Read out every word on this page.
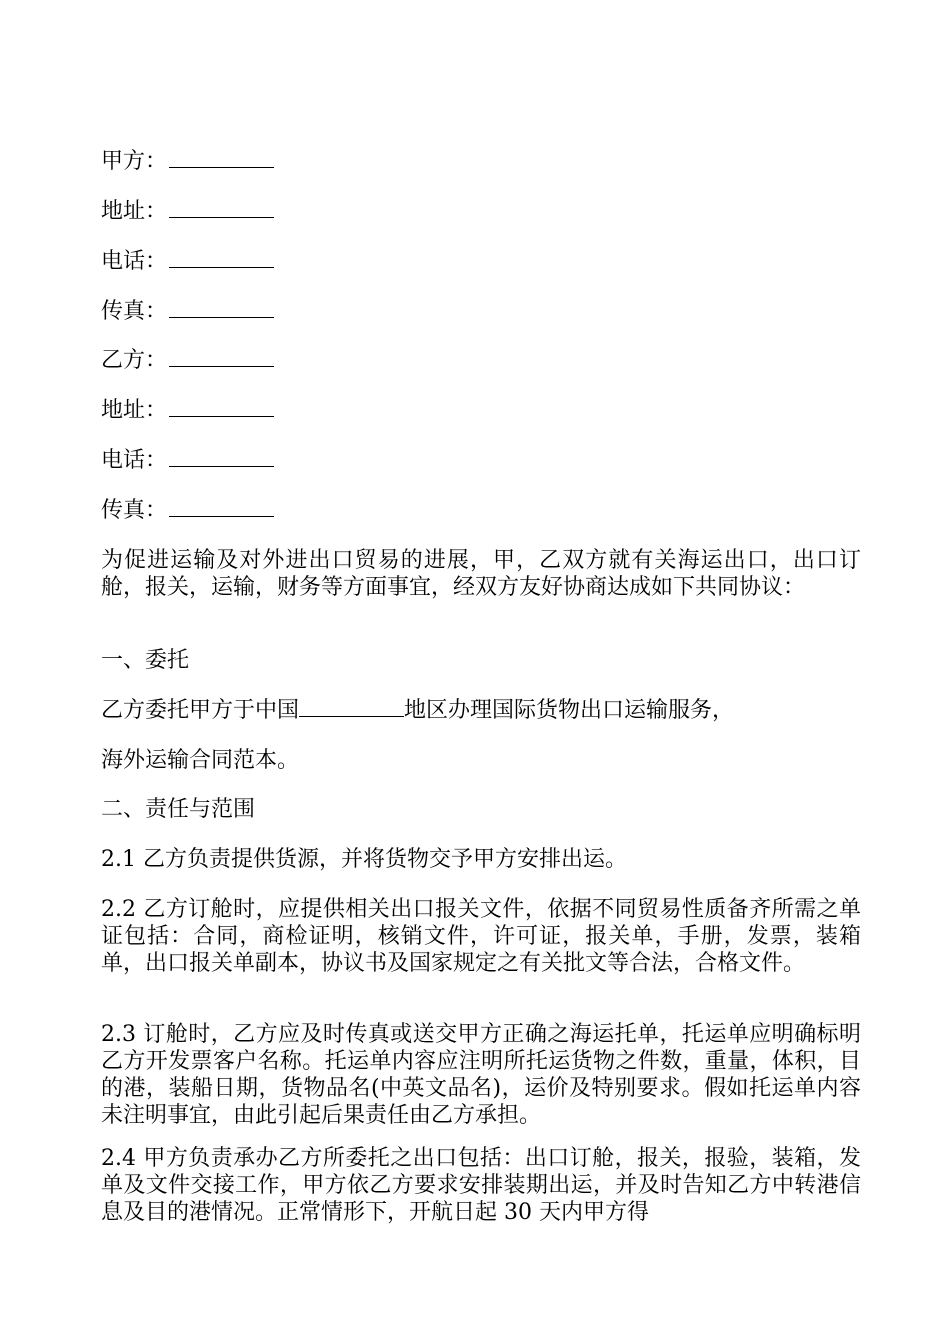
甲方：
地址：
电话：
传真：
乙方：
地址：
电话：
传真：
为促进运输及对外进出口贸易的进展，甲，乙双方就有关海运出口，出口订舱，报关，运输，财务等方面事宜，经双方友好协商达成如下共同协议：
一、委托
乙方委托甲方于中国	地区办理国际货物出口运输服务，
海外运输合同范本。
二、责任与范围
2.1 乙方负责提供货源，并将货物交予甲方安排出运。
2.2 乙方订舱时，应提供相关出口报关文件，依据不同贸易性质备齐所需之单证包括：合同，商检证明，核销文件，许可证，报关单，手册，发票，装箱单，出口报关单副本，协议书及国家规定之有关批文等合法，合格文件。
2.3 订舱时，乙方应及时传真或送交甲方正确之海运托单，托运单应明确标明乙方开发票客户名称。托运单内容应注明所托运货物之件数，重量，体积，目的港，装船日期，货物品名(中英文品名)，运价及特别要求。假如托运单内容未注明事宜，由此引起后果责任由乙方承担。
2.4 甲方负责承办乙方所委托之出口包括：出口订舱，报关，报验，装箱，发单及文件交接工作，甲方依乙方要求安排装期出运，并及时告知乙方中转港信息及目的港情况。正常情形下，开航日起 30 天内甲方得
